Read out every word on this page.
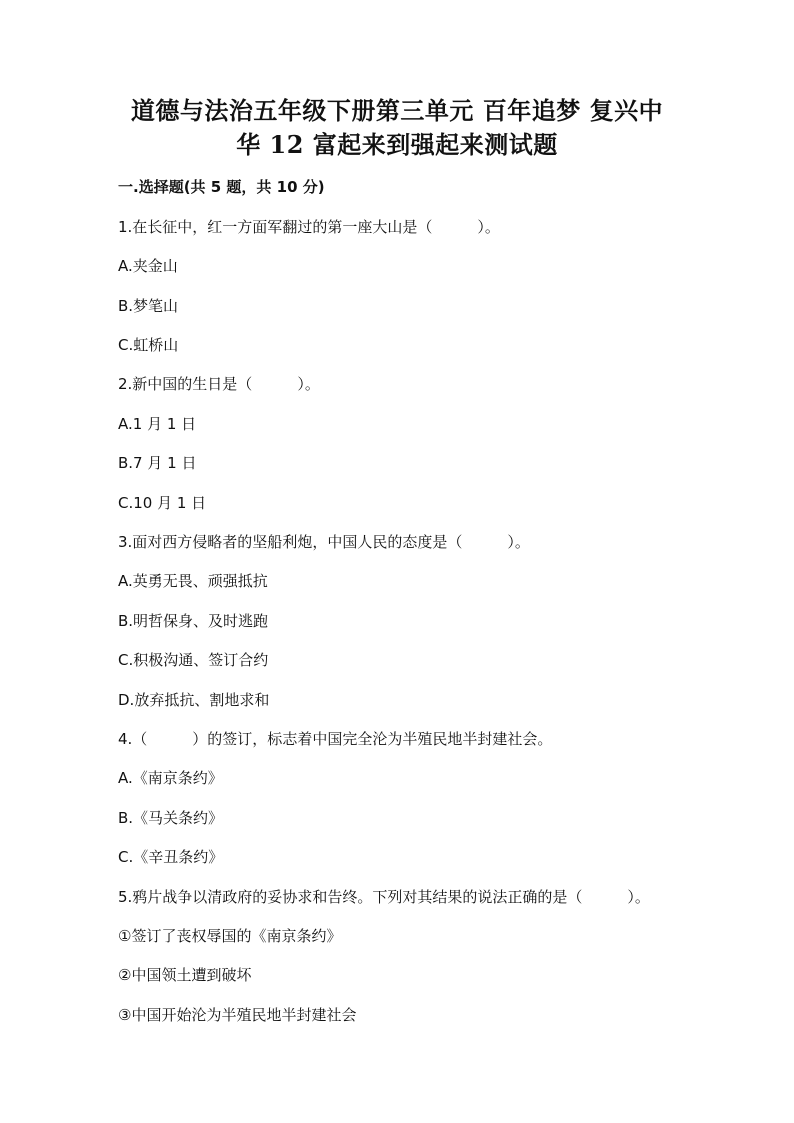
道德与法治五年级下册第三单元 百年追梦 复兴中
华 12 富起来到强起来测试题
一.选择题(共 5 题，共 10 分)
1.在长征中，红一方面军翻过的第一座大山是（　　　）。
A.夹金山
B.梦笔山
C.虹桥山
2.新中国的生日是（　　　）。
A.1 月 1 日
B.7 月 1 日
C.10 月 1 日
3.面对西方侵略者的坚船利炮，中国人民的态度是（　　　）。
A.英勇无畏、顽强抵抗
B.明哲保身、及时逃跑
C.积极沟通、签订合约
D.放弃抵抗、割地求和
4.（　　　）的签订，标志着中国完全沦为半殖民地半封建社会。
A.《南京条约》
B.《马关条约》
C.《辛丑条约》
5.鸦片战争以清政府的妥协求和告终。下列对其结果的说法正确的是（　　　）。
①签订了丧权辱国的《南京条约》
②中国领土遭到破坏
③中国开始沦为半殖民地半封建社会
